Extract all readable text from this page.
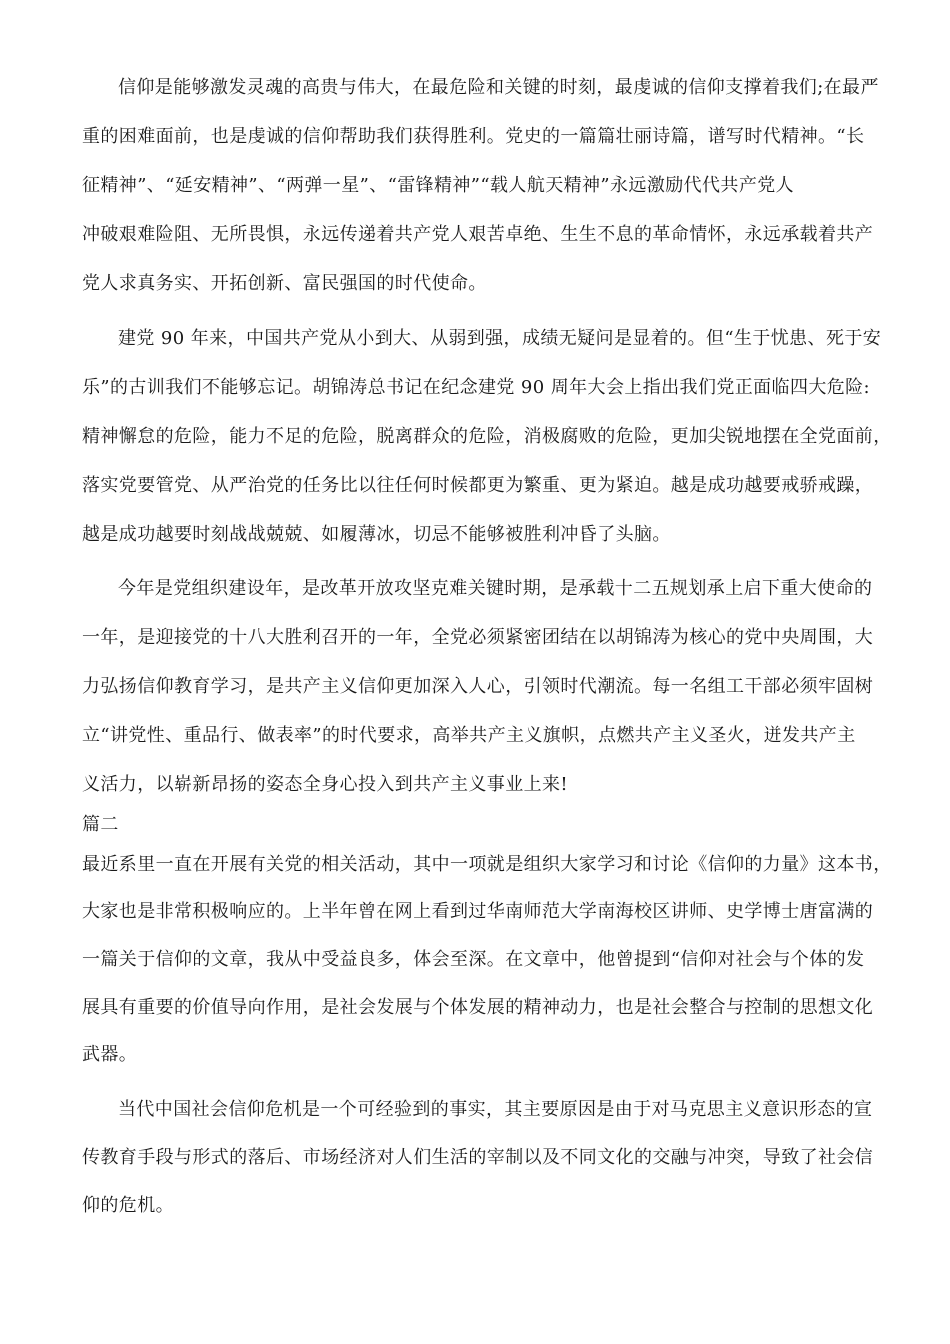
信仰是能够激发灵魂的高贵与伟大，在最危险和关键的时刻，最虔诚的信仰支撑着我们;在最严
重的困难面前，也是虔诚的信仰帮助我们获得胜利。党史的一篇篇壮丽诗篇，谱写时代精神。“长
征精神”、“延安精神”、“两弹一星”、“雷锋精神”“载人航天精神”永远激励代代共产党人
冲破艰难险阻、无所畏惧，永远传递着共产党人艰苦卓绝、生生不息的革命情怀，永远承载着共产
党人求真务实、开拓创新、富民强国的时代使命。
建党 90 年来，中国共产党从小到大、从弱到强，成绩无疑问是显着的。但“生于忧患、死于安
乐”的古训我们不能够忘记。胡锦涛总书记在纪念建党 90 周年大会上指出我们党正面临四大危险:
精神懈怠的危险，能力不足的危险，脱离群众的危险，消极腐败的危险，更加尖锐地摆在全党面前，
落实党要管党、从严治党的任务比以往任何时候都更为繁重、更为紧迫。越是成功越要戒骄戒躁，
越是成功越要时刻战战兢兢、如履薄冰，切忌不能够被胜利冲昏了头脑。
今年是党组织建设年，是改革开放攻坚克难关键时期，是承载十二五规划承上启下重大使命的
一年，是迎接党的十八大胜利召开的一年，全党必须紧密团结在以胡锦涛为核心的党中央周围，大
力弘扬信仰教育学习，是共产主义信仰更加深入人心，引领时代潮流。每一名组工干部必须牢固树
立“讲党性、重品行、做表率”的时代要求，高举共产主义旗帜，点燃共产主义圣火，迸发共产主
义活力，以崭新昂扬的姿态全身心投入到共产主义事业上来!
篇二
最近系里一直在开展有关党的相关活动，其中一项就是组织大家学习和讨论《信仰的力量》这本书，
大家也是非常积极响应的。上半年曾在网上看到过华南师范大学南海校区讲师、史学博士唐富满的
一篇关于信仰的文章，我从中受益良多，体会至深。在文章中，他曾提到“信仰对社会与个体的发
展具有重要的价值导向作用，是社会发展与个体发展的精神动力，也是社会整合与控制的思想文化
武器。
当代中国社会信仰危机是一个可经验到的事实，其主要原因是由于对马克思主义意识形态的宣
传教育手段与形式的落后、市场经济对人们生活的宰制以及不同文化的交融与冲突，导致了社会信
仰的危机。
